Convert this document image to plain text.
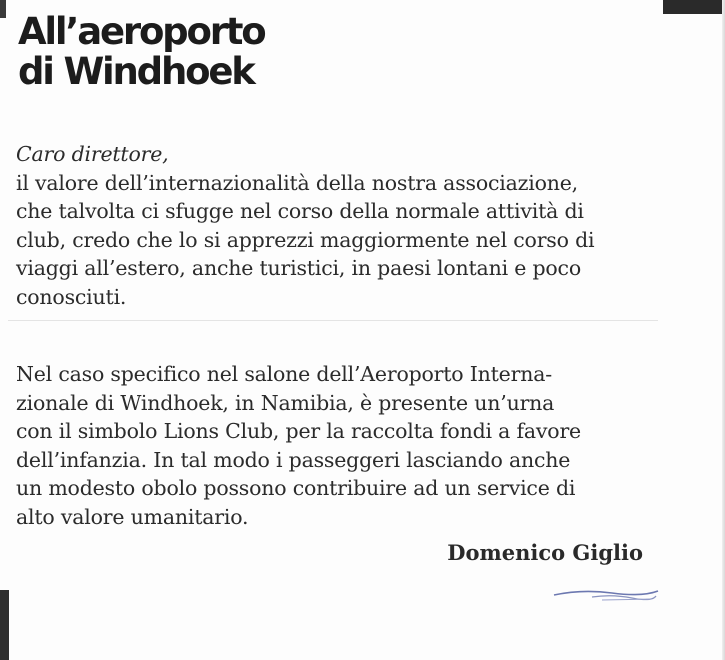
All’aeroporto
di Windhoek
Caro direttore,
il valore dell’internazionalità della nostra associazione,
che talvolta ci sfugge nel corso della normale attività di
club, credo che lo si apprezzi maggiormente nel corso di
viaggi all’estero, anche turistici, in paesi lontani e poco
conosciuti.
Nel caso specifico nel salone dell’Aeroporto Interna-
zionale di Windhoek, in Namibia, è presente un’urna
con il simbolo Lions Club, per la raccolta fondi a favore
dell’infanzia. In tal modo i passeggeri lasciando anche
un modesto obolo possono contribuire ad un service di
alto valore umanitario.

Domenico Giglio
